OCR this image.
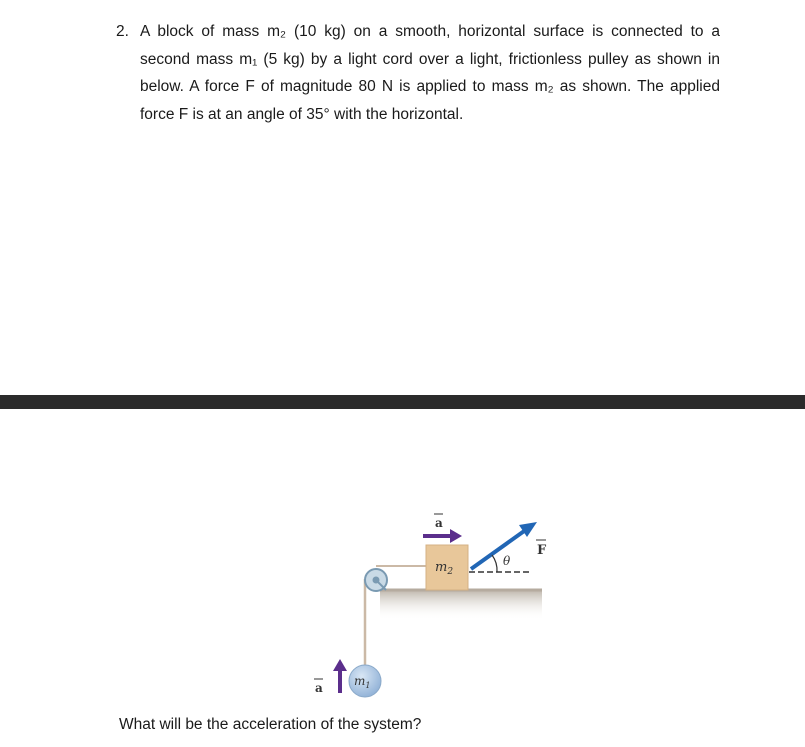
2. A block of mass m₂ (10 kg) on a smooth, horizontal surface is connected to a second mass m₁ (5 kg) by a light cord over a light, frictionless pulley as shown in below. A force F of magnitude 80 N is applied to mass m₂ as shown. The applied force F is at an angle of 35° with the horizontal.
$m_2$
a
F
θ
$m_1$
a
What will be the acceleration of the system?
